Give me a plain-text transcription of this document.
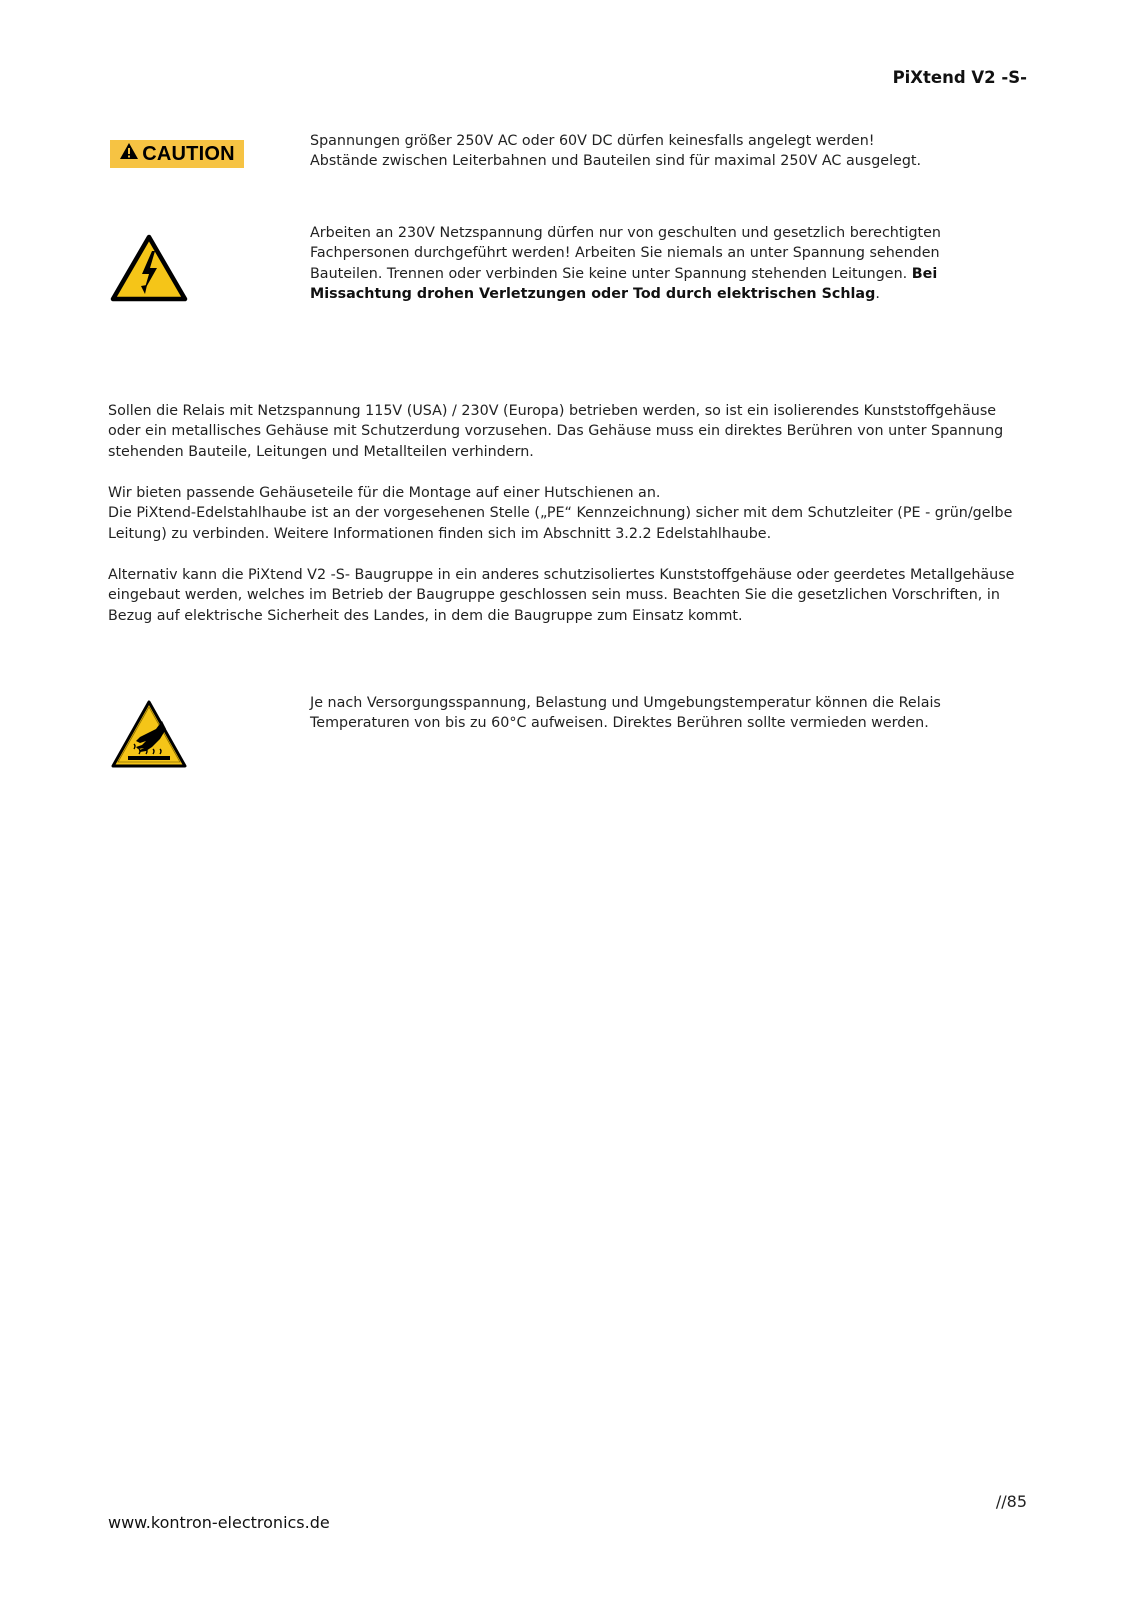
PiXtend V2 -S-
CAUTION

Spannungen größer 250V AC oder 60V DC dürfen keinesfalls angelegt werden!

Abstände zwischen Leiterbahnen und Bauteilen sind für maximal 250V AC ausgelegt.

Arbeiten an 230V Netzspannung dürfen nur von geschulten und gesetzlich berechtigten Fachpersonen durchgeführt werden! Arbeiten Sie niemals an unter Spannung sehenden Bauteilen. Trennen oder verbinden Sie keine unter Spannung stehenden Leitungen. Bei Missachtung drohen Verletzungen oder Tod durch elektrischen Schlag.

Sollen die Relais mit Netzspannung 115V (USA) / 230V (Europa) betrieben werden, so ist ein isolierendes Kunststoffgehäuse oder ein metallisches Gehäuse mit Schutzerdung vorzusehen. Das Gehäuse muss ein direktes Berühren von unter Spannung stehenden Bauteile, Leitungen und Metallteilen verhindern.

Wir bieten passende Gehäuseteile für die Montage auf einer Hutschienen an.

Die PiXtend-Edelstahlhaube ist an der vorgesehenen Stelle („PE“ Kennzeichnung) sicher mit dem Schutzleiter (PE - grün/gelbe Leitung) zu verbinden. Weitere Informationen finden sich im Abschnitt 3.2.2 Edelstahlhaube.

Alternativ kann die PiXtend V2 -S- Baugruppe in ein anderes schutzisoliertes Kunststoffgehäuse oder geerdetes Metallgehäuse eingebaut werden, welches im Betrieb der Baugruppe geschlossen sein muss. Beachten Sie die gesetzlichen Vorschriften, in Bezug auf elektrische Sicherheit des Landes, in dem die Baugruppe zum Einsatz kommt.

Je nach Versorgungsspannung, Belastung und Umgebungstemperatur können die Relais Temperaturen von bis zu 60°C aufweisen. Direktes Berühren sollte vermieden werden.

//85
www.kontron-electronics.de
